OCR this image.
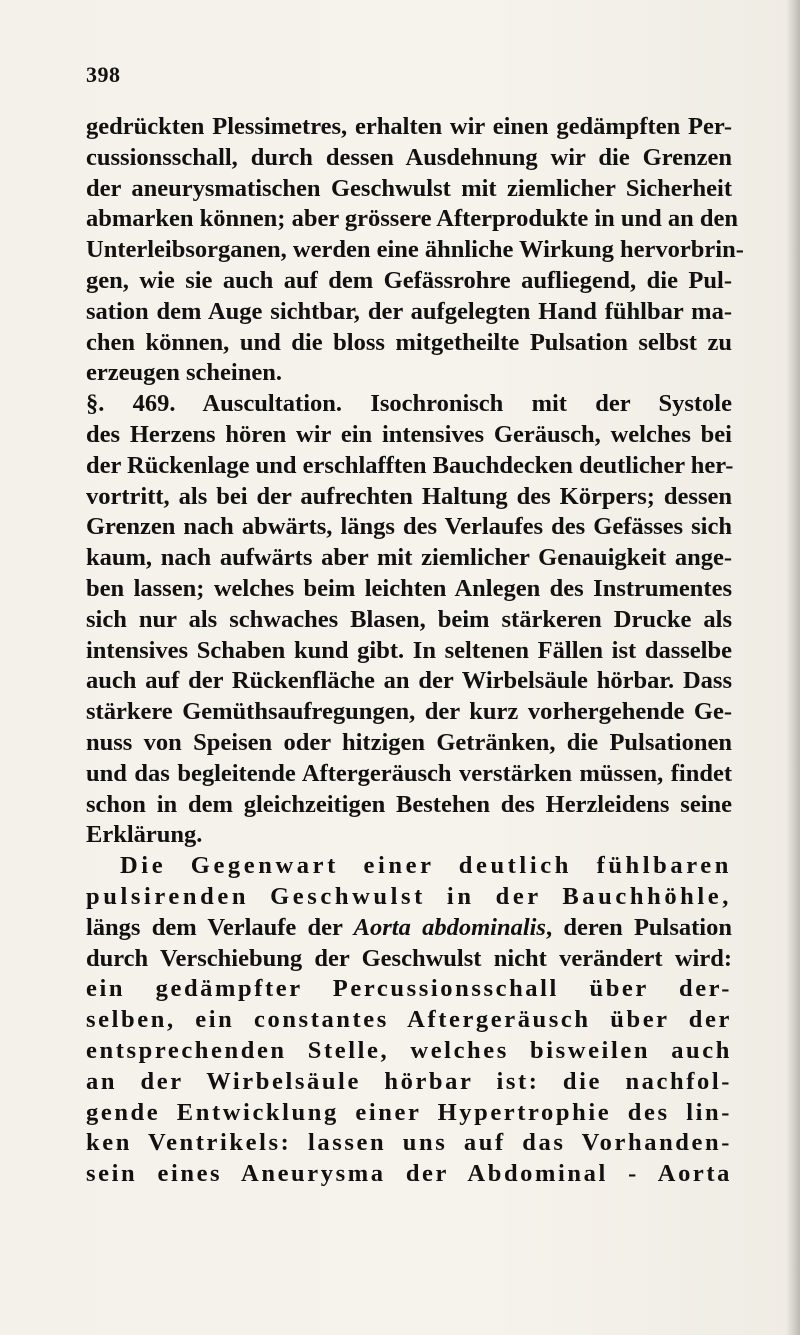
398
gedrückten Plessimetres, erhalten wir einen gedämpften Per-
cussionsschall, durch dessen Ausdehnung wir die Grenzen
der aneurysmatischen Geschwulst mit ziemlicher Sicherheit
abmarken können; aber grössere Afterprodukte in und an den
Unterleibsorganen, werden eine ähnliche Wirkung hervorbrin-
gen, wie sie auch auf dem Gefässrohre aufliegend, die Pul-
sation dem Auge sichtbar, der aufgelegten Hand fühlbar ma-
chen können, und die bloss mitgetheilte Pulsation selbst zu
erzeugen scheinen.
§. 469. Auscultation. Isochronisch mit der Systole
des Herzens hören wir ein intensives Geräusch, welches bei
der Rückenlage und erschlafften Bauchdecken deutlicher her-
vortritt, als bei der aufrechten Haltung des Körpers; dessen
Grenzen nach abwärts, längs des Verlaufes des Gefässes sich
kaum, nach aufwärts aber mit ziemlicher Genauigkeit ange-
ben lassen; welches beim leichten Anlegen des Instrumentes
sich nur als schwaches Blasen, beim stärkeren Drucke als
intensives Schaben kund gibt. In seltenen Fällen ist dasselbe
auch auf der Rückenfläche an der Wirbelsäule hörbar. Dass
stärkere Gemüthsaufregungen, der kurz vorhergehende Ge-
nuss von Speisen oder hitzigen Getränken, die Pulsationen
und das begleitende Aftergeräusch verstärken müssen, findet
schon in dem gleichzeitigen Bestehen des Herzleidens seine
Erklärung.
Die Gegenwart einer deutlich fühlbaren
pulsirenden Geschwulst in der Bauchhöhle,
längs dem Verlaufe der Aorta abdominalis, deren Pulsation
durch Verschiebung der Geschwulst nicht verändert wird:
ein gedämpfter Percussionsschall über der-
selben, ein constantes Aftergeräusch über der
entsprechenden Stelle, welches bisweilen auch
an der Wirbelsäule hörbar ist: die nachfol-
gende Entwicklung einer Hypertrophie des lin-
ken Ventrikels: lassen uns auf das Vorhanden-
sein eines Aneurysma der Abdominal - Aorta
